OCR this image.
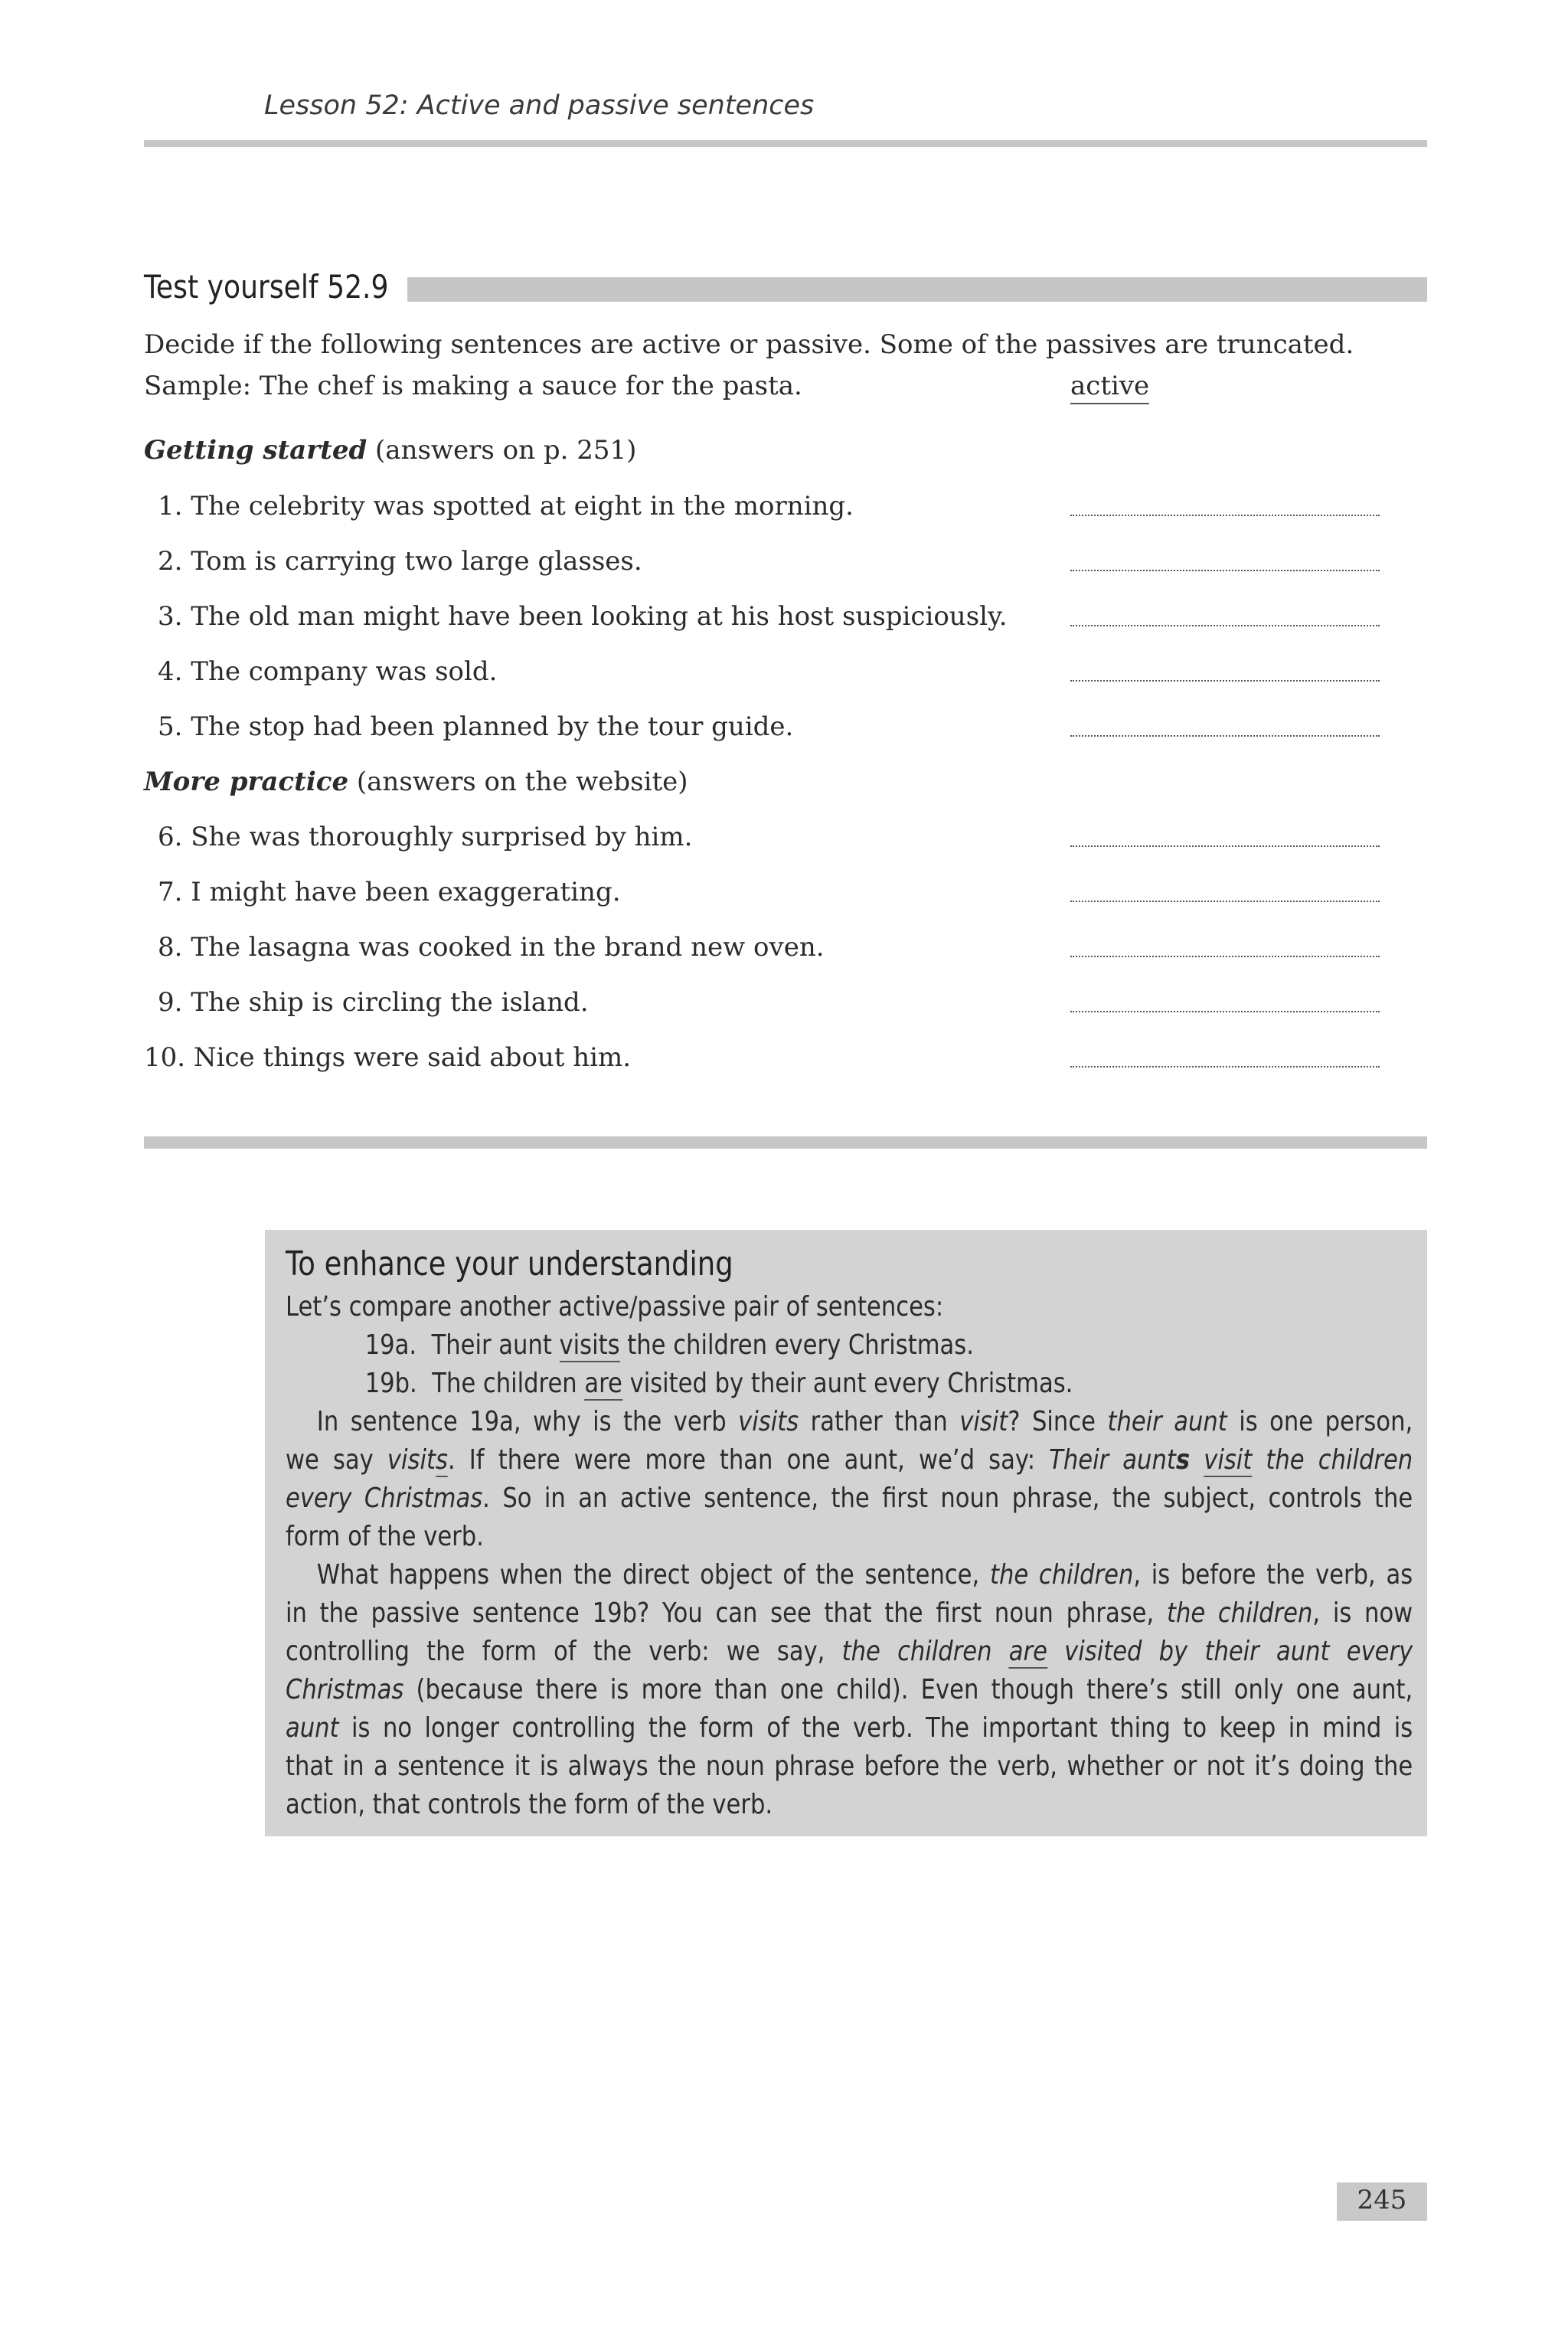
Lesson 52: Active and passive sentences
Test yourself 52.9
Decide if the following sentences are active or passive. Some of the passives are truncated.
Sample: The chef is making a sauce for the pasta.	active
Getting started (answers on p. 251)
1. The celebrity was spotted at eight in the morning.
2. Tom is carrying two large glasses.
3. The old man might have been looking at his host suspiciously.
4. The company was sold.
5. The stop had been planned by the tour guide.
More practice (answers on the website)
6. She was thoroughly surprised by him.
7. I might have been exaggerating.
8. The lasagna was cooked in the brand new oven.
9. The ship is circling the island.
10. Nice things were said about him.
To enhance your understanding
Let’s compare another active/passive pair of sentences:
19a. Their aunt visits the children every Christmas.
19b. The children are visited by their aunt every Christmas.
In sentence 19a, why is the verb visits rather than visit? Since their aunt is one person,
we say visits. If there were more than one aunt, we’d say: Their aunts visit the children
every Christmas. So in an active sentence, the first noun phrase, the subject, controls the
form of the verb.
What happens when the direct object of the sentence, the children, is before the verb, as
in the passive sentence 19b? You can see that the first noun phrase, the children, is now
controlling the form of the verb: we say, the children are visited by their aunt every
Christmas (because there is more than one child). Even though there’s still only one aunt,
aunt is no longer controlling the form of the verb. The important thing to keep in mind is
that in a sentence it is always the noun phrase before the verb, whether or not it’s doing the
action, that controls the form of the verb.
245
